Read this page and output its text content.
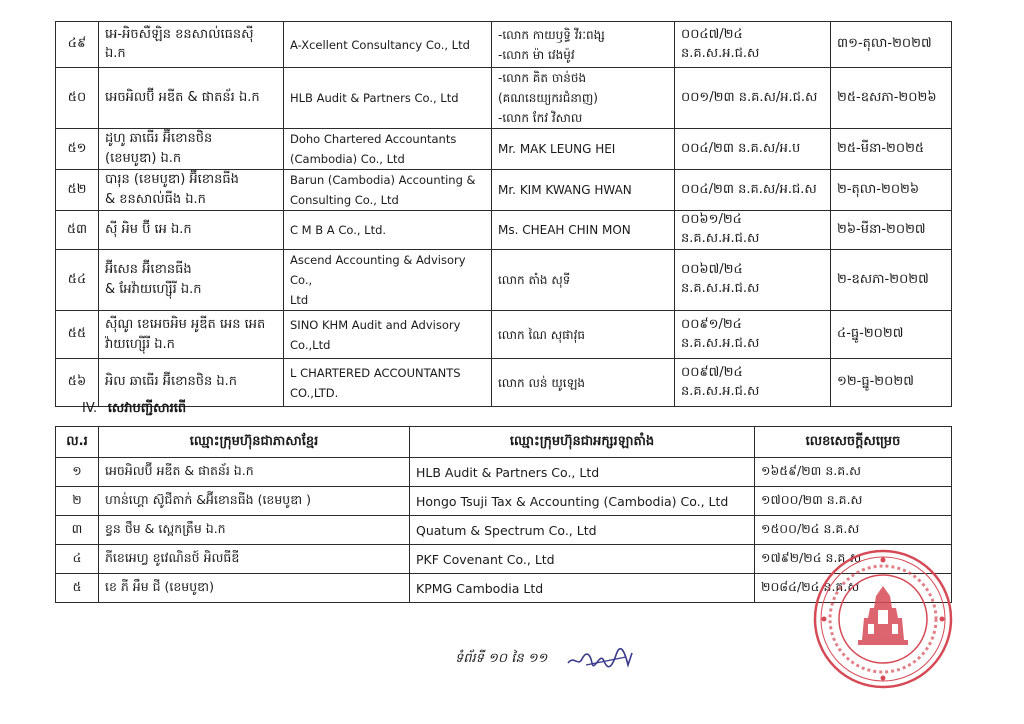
៤៩	អេ-អិចសឺឡិន ខនសាល់ធេនស៊ី ឯ.ក	A-Xcellent Consultancy Co., Ltd	-លោក កាយឫទ្ធិ វីរៈពង្ស
-លោក ម៉ា វេងម៉ូវ	០០៤៧/២៤ ន.គ.ស.អ.ជ.ស	៣១-តុលា-២០២៧
៥០	អេចអិលប៊ី អឌីត & ផាតន័រ ឯ.ក	HLB Audit & Partners Co., Ltd	-លោក គិត ចាន់ថង
(គណនេយ្យករជំនាញ)
-លោក កែវ វិសាល	០០១/២៣ ន.គ.ស/អ.ជ.ស	២៥-ឧសភា-២០២៦
៥១	ដូហូ ឆាធើរ អ៊ីខោនថិន
(ខេមបូឌា) ឯ.ក	Doho Chartered Accountants
(Cambodia) Co., Ltd	Mr. MAK LEUNG HEI	០០៤/២៣ ន.គ.ស/អ.ប	២៥-មីនា-២០២៥
៥២	បារុន (ខេមបូឌា) អ៊ីខោនធីង
& ខនសាល់ធីង ឯ.ក	Barun (Cambodia) Accounting &
Consulting Co., Ltd	Mr. KIM KWANG HWAN	០០៤/២៣ ន.គ.ស/អ.ជ.ស	២-តុលា-២០២៦
៥៣	ស៊ី អិម ប៊ី អេ ឯ.ក	C M B A Co., Ltd.	Ms. CHEAH CHIN MON	០០៦១/២៤ ន.គ.ស.អ.ជ.ស	២៦-មីនា-២០២៧
៥៤	អ៊ីសេន អ៊ីខោនធីង
& អែវ៉ាយហ្ស៊ើរី ឯ.ក	Ascend Accounting & Advisory Co.,
Ltd	លោក តាំង សុទី	០០៦៧/២៤ ន.គ.ស.អ.ជ.ស	២-ឧសភា-២០២៧
៥៥	ស៊ីណូ ខេអេចអិម អូឌីត អេន អេត
វ៉ាយហ្ស៊ើរី ឯ.ក	SINO KHM Audit and Advisory
Co.,Ltd	លោក ណៃ សុផាវុធ	០០៩១/២៤ ន.គ.ស.អ.ជ.ស	៤-ធ្នូ-២០២៧
៥៦	អិល ឆាធើរ អ៊ីខោនថិន ឯ.ក	L CHARTERED ACCOUNTANTS
CO.,LTD.	លោក លន់ យូឡេង	០០៩៧/២៤ ន.គ.ស.អ.ជ.ស	១២-ធ្នូ-២០២៧
IV. សេវាបញ្ជីសារពើ
ល.រ	ឈ្មោះក្រុមហ៊ុនជាភាសាខ្មែរ	ឈ្មោះក្រុមហ៊ុនជាអក្សរឡាតាំង	លេខសេចក្ដីសម្រេច
១	អេចអិលប៊ី អឌីត & ផាតន័រ ឯ.ក	HLB Audit & Partners Co., Ltd	១៦៥៩/២៣ ន.គ.ស
២	ហាន់ហ្គោ ស៊ូជីតាក់ &អ៊ីខោនធីង (ខេមបូឌា )	Hongo Tsuji Tax & Accounting (Cambodia) Co., Ltd	១៧០០/២៣ ន.គ.ស
៣	ខ្វន ថឹម & ស្ពេកត្រឹម ឯ.ក	Quatum & Spectrum Co., Ltd	១៥០០/២៤ ន.គ.ស
៤	ភីខេអេហ្វ ខូវេណិនថ៍ អិលធីឌី	PKF Covenant Co., Ltd	១៧៩២/២៤ ន.គ.ស
៥	ខេ ភី អឹម ជី (ខេមបូឌា)	KPMG Cambodia Ltd	២០៨៤/២៤ ន.គ.ស
ទំព័រទី ១០ នៃ ១១
